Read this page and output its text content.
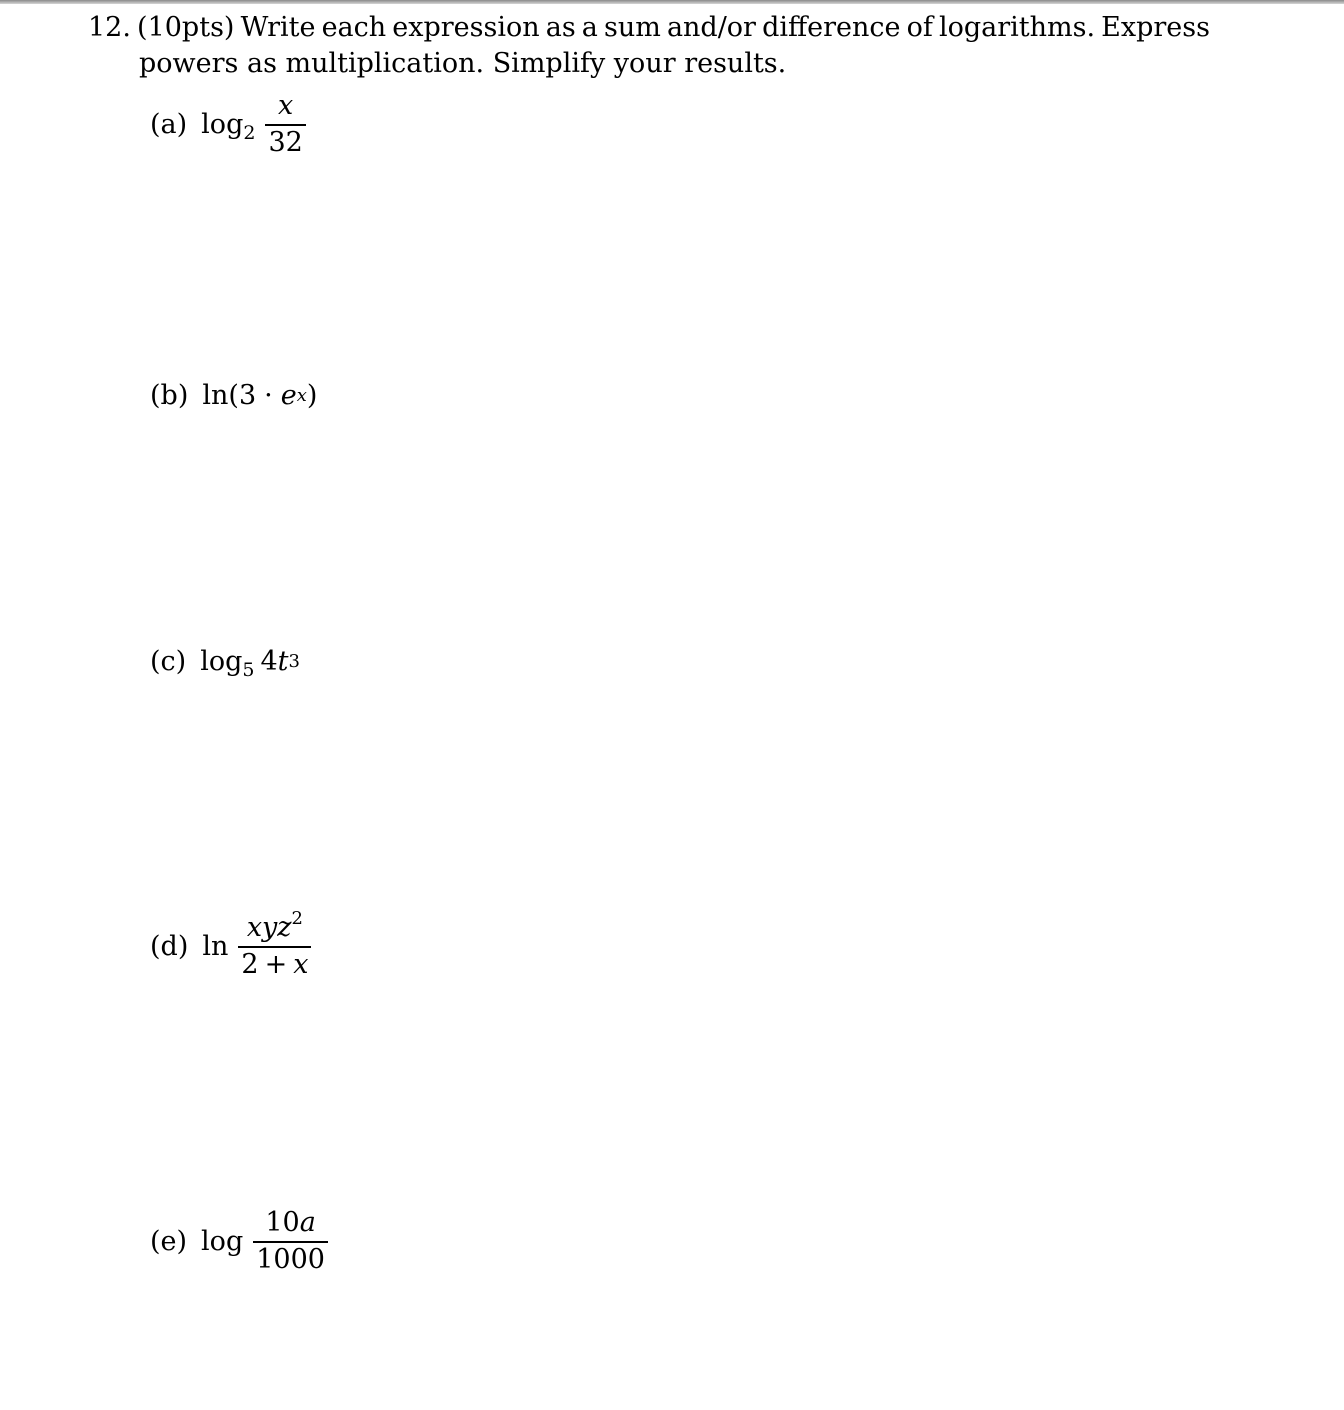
12. (10pts) Write each expression as a sum and/or difference of logarithms. Express
powers as multiplication. Simplify your results.
(a) $\log_2 \frac{x}{32}$
(b) ln ( 3 · e x )
(c) $\log_5 4$ t 3
(d) $\ln \frac{xyz^2}{2 + x}$
(e) $\log \frac{10a}{1000}$
